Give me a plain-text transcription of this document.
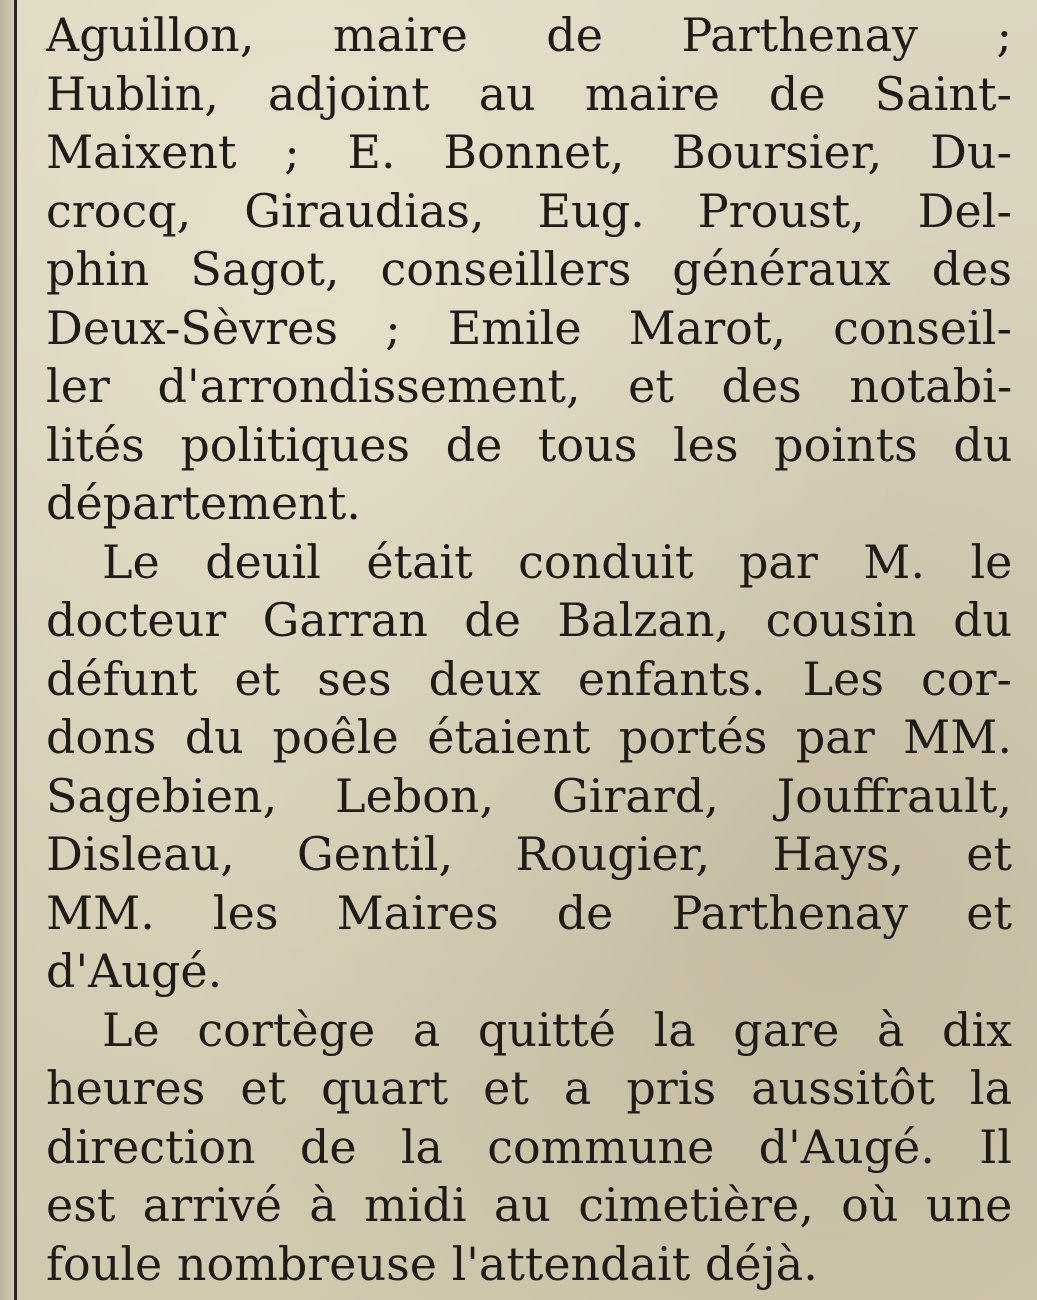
Aguillon, maire de Parthenay ;
Hublin, adjoint au maire de Saint-
Maixent ; E. Bonnet, Boursier, Du-
crocq, Giraudias, Eug. Proust, Del-
phin Sagot, conseillers généraux des
Deux-Sèvres ; Emile Marot, conseil-
ler d'arrondissement, et des notabi-
lités politiques de tous les points du
département.
Le deuil était conduit par M. le
docteur Garran de Balzan, cousin du
défunt et ses deux enfants. Les cor-
dons du poêle étaient portés par MM.
Sagebien, Lebon, Girard, Jouffrault,
Disleau, Gentil, Rougier, Hays, et
MM. les Maires de Parthenay et
d'Augé.
Le cortège a quitté la gare à dix
heures et quart et a pris aussitôt la
direction de la commune d'Augé. Il
est arrivé à midi au cimetière, où une
foule nombreuse l'attendait déjà.
